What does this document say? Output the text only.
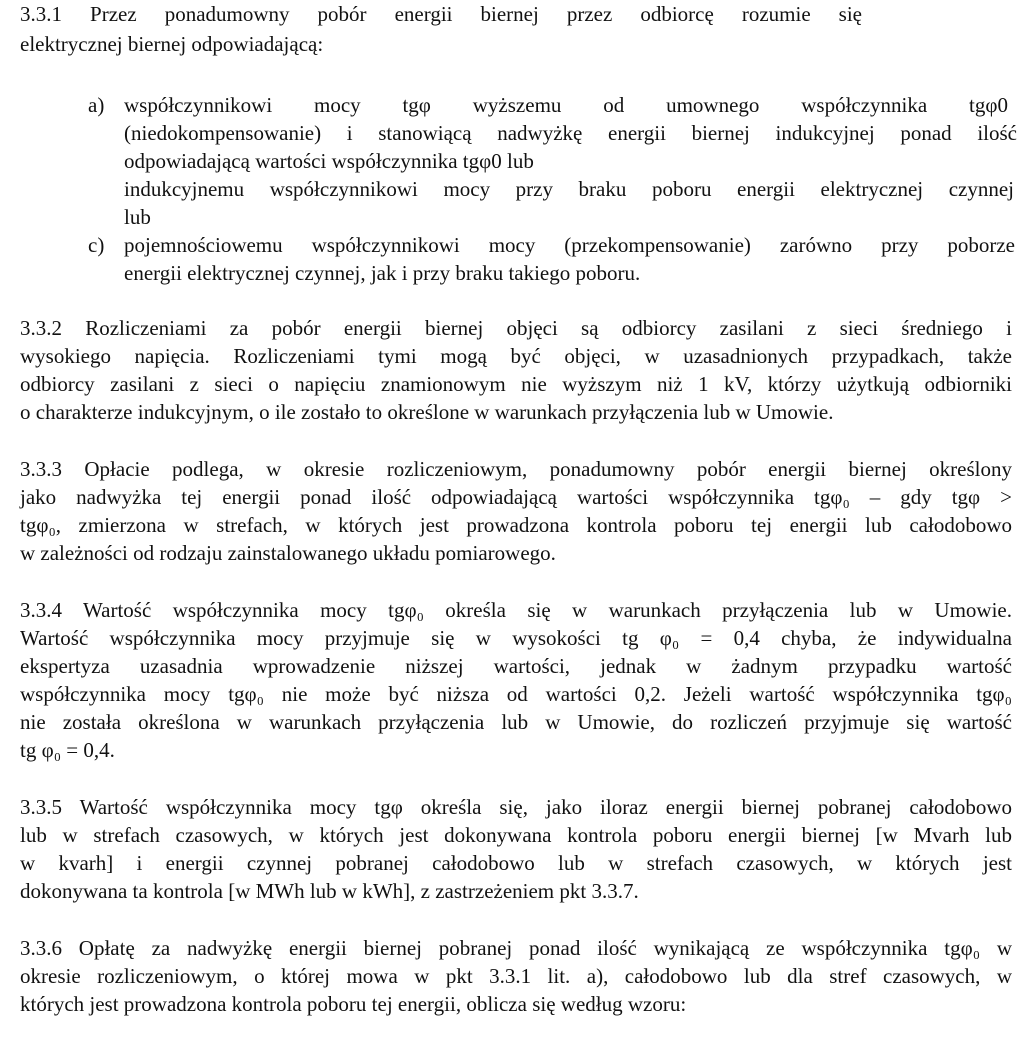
3.3.1 Przez ponadumowny pobór energii biernej przez odbiorcę rozumie się
elektrycznej biernej odpowiadającą:
a) współczynnikowi mocy tgφ wyższemu od umownego współczynnika tgφ0
(niedokompensowanie) i stanowiącą nadwyżkę energii biernej indukcyjnej ponad ilość
odpowiadającą wartości współczynnika tgφ0 lub
indukcyjnemu współczynnikowi mocy przy braku poboru energii elektrycznej czynnej
lub
c) pojemnościowemu współczynnikowi mocy (przekompensowanie) zarówno przy poborze
energii elektrycznej czynnej, jak i przy braku takiego poboru.
3.3.2 Rozliczeniami za pobór energii biernej objęci są odbiorcy zasilani z sieci średniego i
wysokiego napięcia. Rozliczeniami tymi mogą być objęci, w uzasadnionych przypadkach, także
odbiorcy zasilani z sieci o napięciu znamionowym nie wyższym niż 1 kV, którzy użytkują odbiorniki
o charakterze indukcyjnym, o ile zostało to określone w warunkach przyłączenia lub w Umowie.
3.3.3 Opłacie podlega, w okresie rozliczeniowym, ponadumowny pobór energii biernej określony
jako nadwyżka tej energii ponad ilość odpowiadającą wartości współczynnika tgφ₀ – gdy tgφ >
tgφ₀, zmierzona w strefach, w których jest prowadzona kontrola poboru tej energii lub całodobowo
w zależności od rodzaju zainstalowanego układu pomiarowego.
3.3.4 Wartość współczynnika mocy tgφ₀ określa się w warunkach przyłączenia lub w Umowie.
Wartość współczynnika mocy przyjmuje się w wysokości tg φ₀ = 0,4 chyba, że indywidualna
ekspertyza uzasadnia wprowadzenie niższej wartości, jednak w żadnym przypadku wartość
współczynnika mocy tgφ₀ nie może być niższa od wartości 0,2. Jeżeli wartość współczynnika tgφ₀
nie została określona w warunkach przyłączenia lub w Umowie, do rozliczeń przyjmuje się wartość
tg φ₀ = 0,4.
3.3.5 Wartość współczynnika mocy tgφ określa się, jako iloraz energii biernej pobranej całodobowo
lub w strefach czasowych, w których jest dokonywana kontrola poboru energii biernej [w Mvarh lub
w kvarh] i energii czynnej pobranej całodobowo lub w strefach czasowych, w których jest
dokonywana ta kontrola [w MWh lub w kWh], z zastrzeżeniem pkt 3.3.7.
3.3.6 Opłatę za nadwyżkę energii biernej pobranej ponad ilość wynikającą ze współczynnika tgφ₀ w
okresie rozliczeniowym, o której mowa w pkt 3.3.1 lit. a), całodobowo lub dla stref czasowych, w
których jest prowadzona kontrola poboru tej energii, oblicza się według wzoru:
